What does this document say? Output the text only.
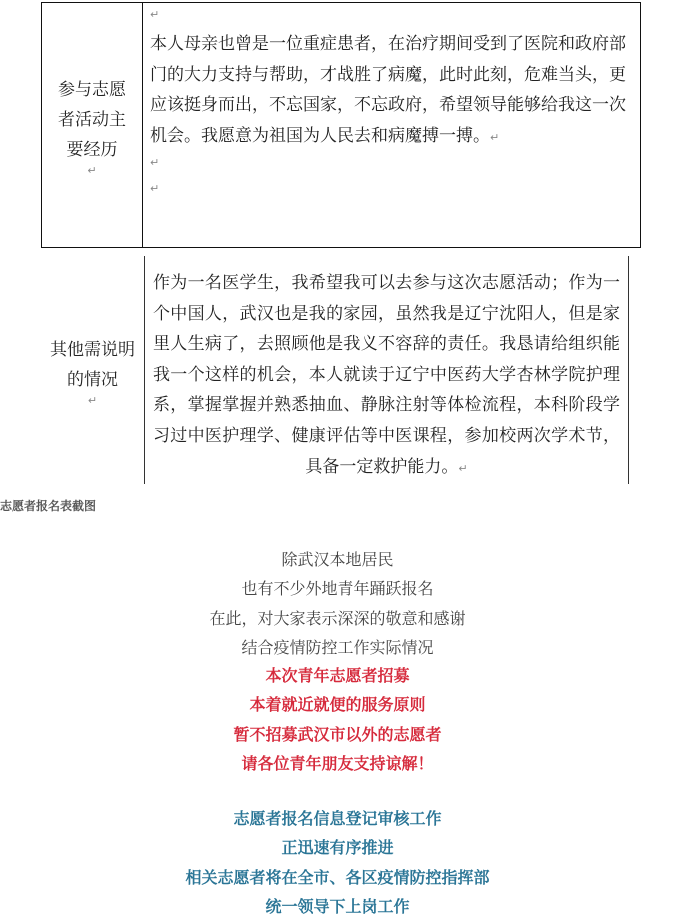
参与志愿者活动主要经历
↵
↵
本人母亲也曾是一位重症患者，在治疗期间受到了医院和政府部门的大力支持与帮助，才战胜了病魔，此时此刻，危难当头，更应该挺身而出，不忘国家，不忘政府，希望领导能够给我这一次机会。我愿意为祖国为人民去和病魔搏一搏。↵
↵
↵
其他需说明的情况
↵
作为一名医学生，我希望我可以去参与这次志愿活动；作为一个中国人，武汉也是我的家园，虽然我是辽宁沈阳人，但是家里人生病了，去照顾他是我义不容辞的责任。我恳请给组织能我一个这样的机会，本人就读于辽宁中医药大学杏林学院护理系，掌握掌握并熟悉抽血、静脉注射等体检流程，本科阶段学习过中医护理学、健康评估等中医课程，参加校两次学术节，具备一定救护能力。↵
志愿者报名表截图
除武汉本地居民
也有不少外地青年踊跃报名
在此，对大家表示深深的敬意和感谢
结合疫情防控工作实际情况
本次青年志愿者招募
本着就近就便的服务原则
暂不招募武汉市以外的志愿者
请各位青年朋友支持谅解！
志愿者报名信息登记审核工作
正迅速有序推进
相关志愿者将在全市、各区疫情防控指挥部
统一领导下上岗工作
